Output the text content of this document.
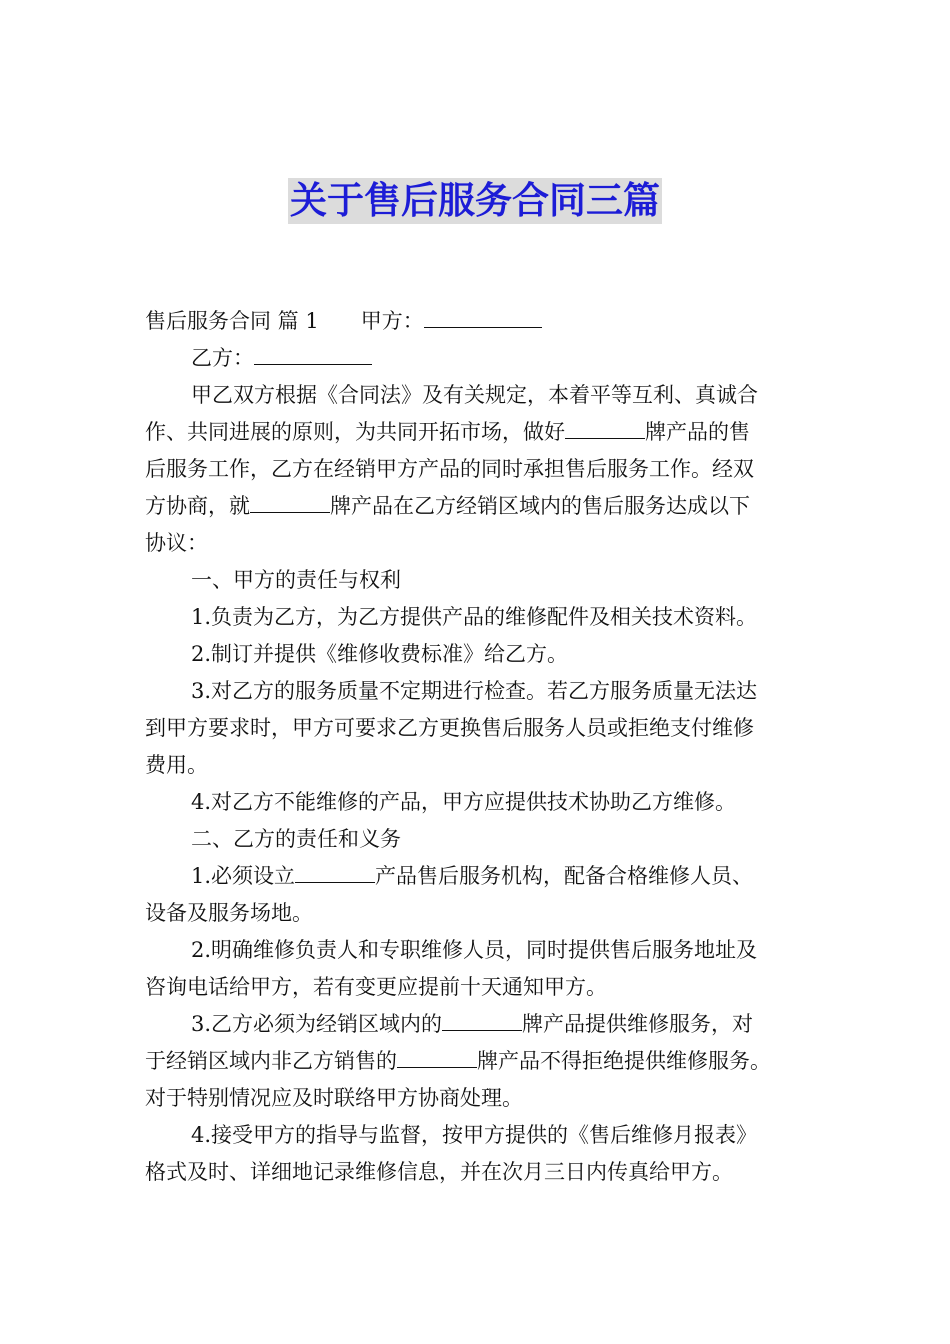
关于售后服务合同三篇
售后服务合同 篇 1 甲方：
乙方：
甲乙双方根据《合同法》及有关规定，本着平等互利、真诚合
作、共同进展的原则，为共同开拓市场，做好	牌产品的售
后服务工作，乙方在经销甲方产品的同时承担售后服务工作。经双
方协商，就	牌产品在乙方经销区域内的售后服务达成以下
协议：
一、甲方的责任与权利
1.负责为乙方，为乙方提供产品的维修配件及相关技术资料。
2.制订并提供《维修收费标准》给乙方。
3.对乙方的服务质量不定期进行检查。若乙方服务质量无法达
到甲方要求时，甲方可要求乙方更换售后服务人员或拒绝支付维修
费用。
4.对乙方不能维修的产品，甲方应提供技术协助乙方维修。
二、乙方的责任和义务
1.必须设立	产品售后服务机构，配备合格维修人员、
设备及服务场地。
2.明确维修负责人和专职维修人员，同时提供售后服务地址及
咨询电话给甲方，若有变更应提前十天通知甲方。
3.乙方必须为经销区域内的	牌产品提供维修服务，对
于经销区域内非乙方销售的	牌产品不得拒绝提供维修服务。
对于特别情况应及时联络甲方协商处理。
4.接受甲方的指导与监督，按甲方提供的《售后维修月报表》
格式及时、详细地记录维修信息，并在次月三日内传真给甲方。
